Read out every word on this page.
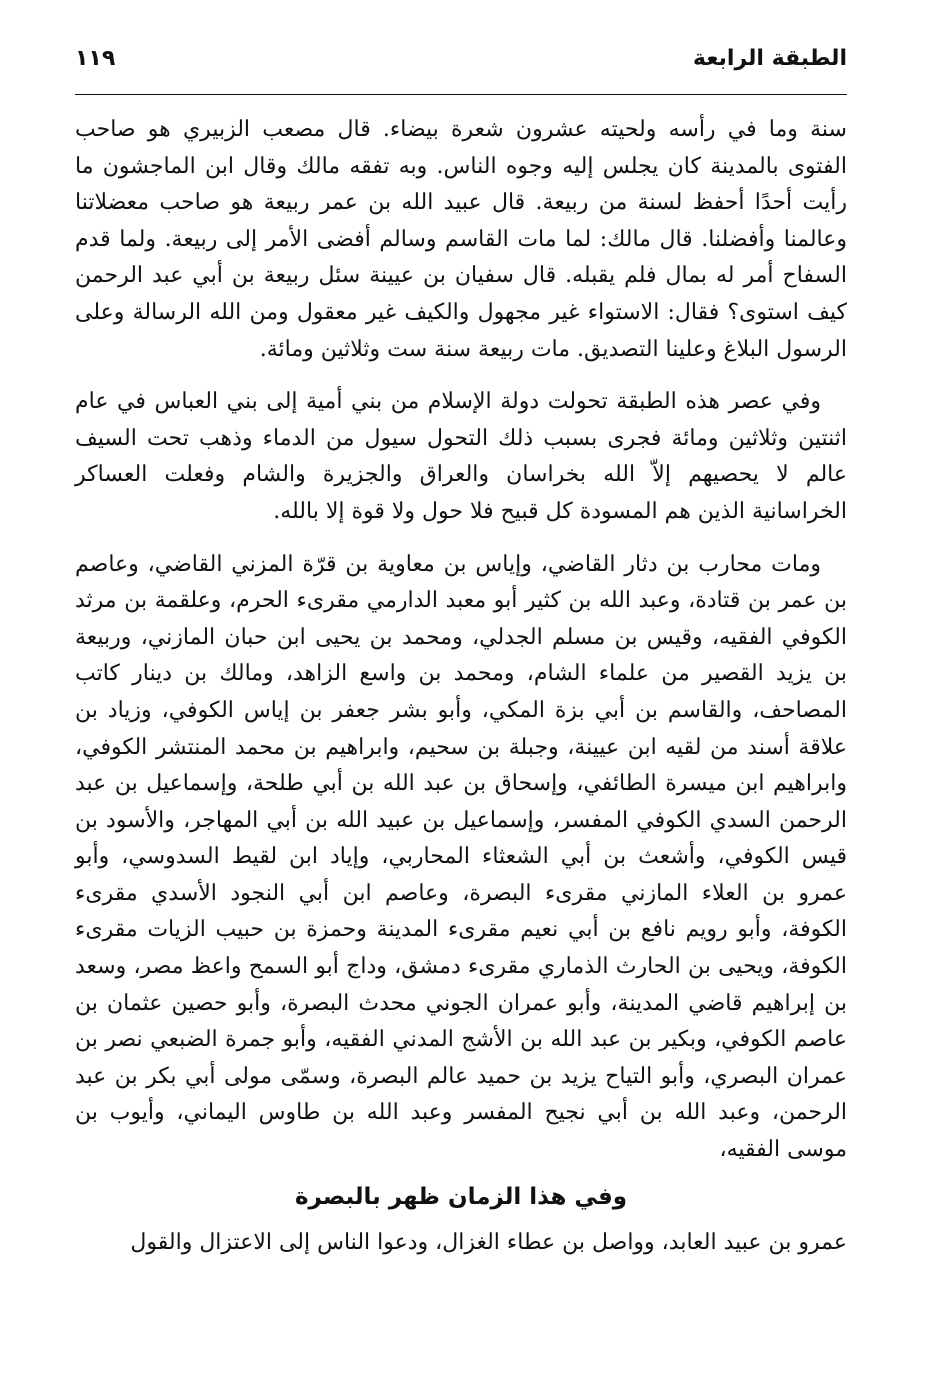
الطبقة الرابعة
١١٩

سنة وما في رأسه ولحيته عشرون شعرة بيضاء. قال مصعب الزبيري هو صاحب الفتوى بالمدينة كان يجلس إليه وجوه الناس. وبه تفقه مالك وقال ابن الماجشون ما رأيت أحدًا أحفظ لسنة من ربيعة. قال عبيد الله بن عمر ربيعة هو صاحب معضلاتنا وعالمنا وأفضلنا. قال مالك: لما مات القاسم وسالم أفضى الأمر إلى ربيعة. ولما قدم السفاح أمر له بمال فلم يقبله. قال سفيان بن عيينة سئل ربيعة بن أبي عبد الرحمن كيف استوى؟ فقال: الاستواء غير مجهول والكيف غير معقول ومن الله الرسالة وعلى الرسول البلاغ وعلينا التصديق. مات ربيعة سنة ست وثلاثين ومائة.

وفي عصر هذه الطبقة تحولت دولة الإسلام من بني أمية إلى بني العباس في عام اثنتين وثلاثين ومائة فجرى بسبب ذلك التحول سيول من الدماء وذهب تحت السيف عالم لا يحصيهم إلاّ الله بخراسان والعراق والجزيرة والشام وفعلت العساكر الخراسانية الذين هم المسودة كل قبيح فلا حول ولا قوة إلا بالله.

ومات محارب بن دثار القاضي، وإياس بن معاوية بن قرّة المزني القاضي، وعاصم بن عمر بن قتادة، وعبد الله بن كثير أبو معبد الدارمي مقرىء الحرم، وعلقمة بن مرثد الكوفي الفقيه، وقيس بن مسلم الجدلي، ومحمد بن يحيى ابن حبان المازني، وربيعة بن يزيد القصير من علماء الشام، ومحمد بن واسع الزاهد، ومالك بن دينار كاتب المصاحف، والقاسم بن أبي بزة المكي، وأبو بشر جعفر بن إياس الكوفي، وزياد بن علاقة أسند من لقيه ابن عيينة، وجبلة بن سحيم، وابراهيم بن محمد المنتشر الكوفي، وابراهيم ابن ميسرة الطائفي، وإسحاق بن عبد الله بن أبي طلحة، وإسماعيل بن عبد الرحمن السدي الكوفي المفسر، وإسماعيل بن عبيد الله بن أبي المهاجر، والأسود بن قيس الكوفي، وأشعث بن أبي الشعثاء المحاربي، وإياد ابن لقيط السدوسي، وأبو عمرو بن العلاء المازني مقرىء البصرة، وعاصم ابن أبي النجود الأسدي مقرىء الكوفة، وأبو رويم نافع بن أبي نعيم مقرىء المدينة وحمزة بن حبيب الزيات مقرىء الكوفة، ويحيى بن الحارث الذماري مقرىء دمشق، وداج أبو السمح واعظ مصر، وسعد بن إبراهيم قاضي المدينة، وأبو عمران الجوني محدث البصرة، وأبو حصين عثمان بن عاصم الكوفي، وبكير بن عبد الله بن الأشج المدني الفقيه، وأبو جمرة الضبعي نصر بن عمران البصري، وأبو التياح يزيد بن حميد عالم البصرة، وسمّى مولى أبي بكر بن عبد الرحمن، وعبد الله بن أبي نجيح المفسر وعبد الله بن طاوس اليماني، وأيوب بن موسى الفقيه،

وفي هذا الزمان ظهر بالبصرة

عمرو بن عبيد العابد، وواصل بن عطاء الغزال، ودعوا الناس إلى الاعتزال والقول
